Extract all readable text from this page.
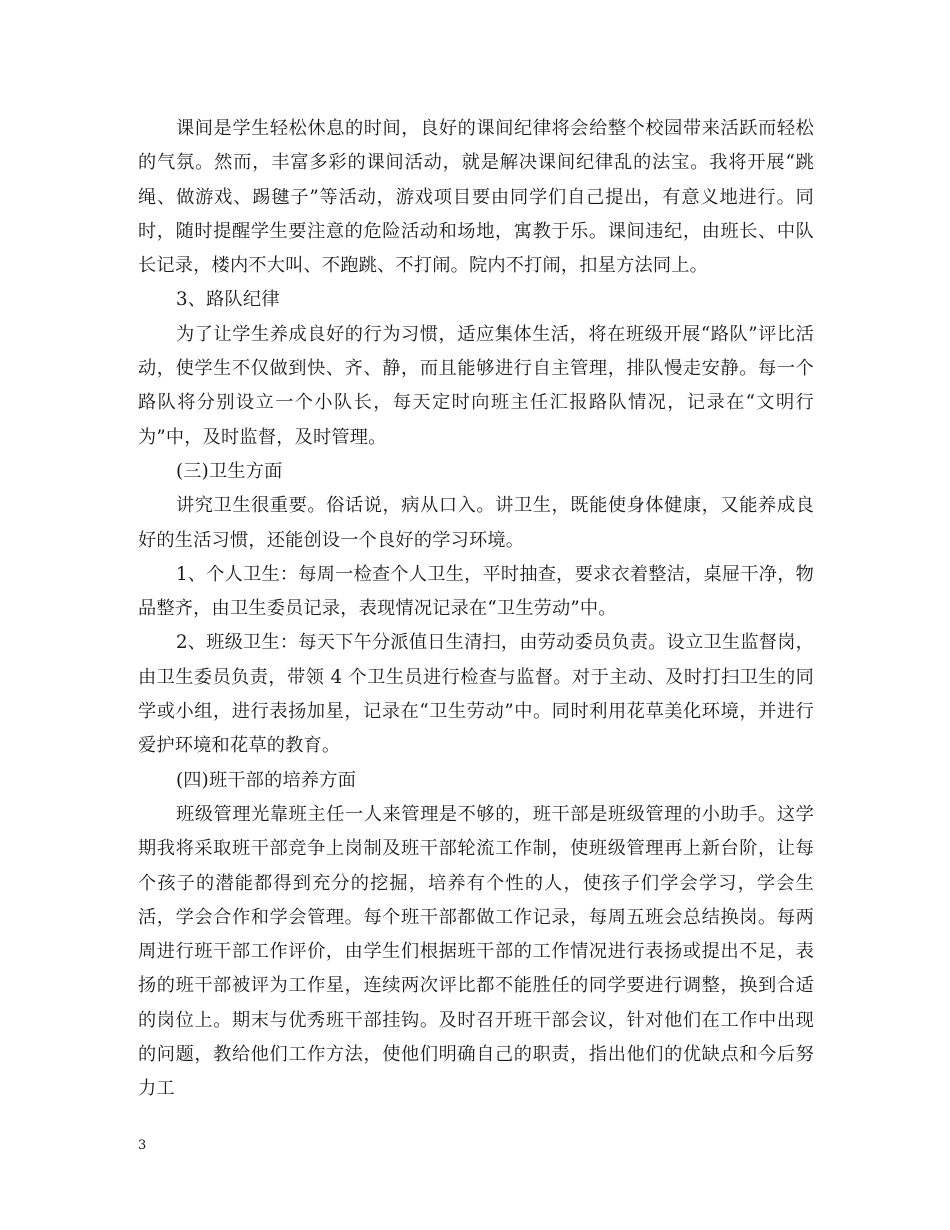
课间是学生轻松休息的时间，良好的课间纪律将会给整个校园带来活跃而轻松的气氛。然而，丰富多彩的课间活动，就是解决课间纪律乱的法宝。我将开展“跳绳、做游戏、踢毽子”等活动，游戏项目要由同学们自己提出，有意义地进行。同时，随时提醒学生要注意的危险活动和场地，寓教于乐。课间违纪，由班长、中队长记录，楼内不大叫、不跑跳、不打闹。院内不打闹，扣星方法同上。

3、路队纪律

为了让学生养成良好的行为习惯，适应集体生活，将在班级开展“路队”评比活动，使学生不仅做到快、齐、静，而且能够进行自主管理，排队慢走安静。每一个路队将分别设立一个小队长，每天定时向班主任汇报路队情况，记录在“文明行为”中，及时监督，及时管理。

(三)卫生方面

讲究卫生很重要。俗话说，病从口入。讲卫生，既能使身体健康，又能养成良好的生活习惯，还能创设一个良好的学习环境。

1、个人卫生：每周一检查个人卫生，平时抽查，要求衣着整洁，桌屉干净，物品整齐，由卫生委员记录，表现情况记录在“卫生劳动”中。

2、班级卫生：每天下午分派值日生清扫，由劳动委员负责。设立卫生监督岗，由卫生委员负责，带领 4 个卫生员进行检查与监督。对于主动、及时打扫卫生的同学或小组，进行表扬加星，记录在“卫生劳动”中。同时利用花草美化环境，并进行爱护环境和花草的教育。

(四)班干部的培养方面

班级管理光靠班主任一人来管理是不够的，班干部是班级管理的小助手。这学期我将采取班干部竞争上岗制及班干部轮流工作制，使班级管理再上新台阶，让每个孩子的潜能都得到充分的挖掘，培养有个性的人，使孩子们学会学习，学会生活，学会合作和学会管理。每个班干部都做工作记录，每周五班会总结换岗。每两周进行班干部工作评价，由学生们根据班干部的工作情况进行表扬或提出不足，表扬的班干部被评为工作星，连续两次评比都不能胜任的同学要进行调整，换到合适的岗位上。期末与优秀班干部挂钩。及时召开班干部会议，针对他们在工作中出现的问题，教给他们工作方法，使他们明确自己的职责，指出他们的优缺点和今后努力工

3
